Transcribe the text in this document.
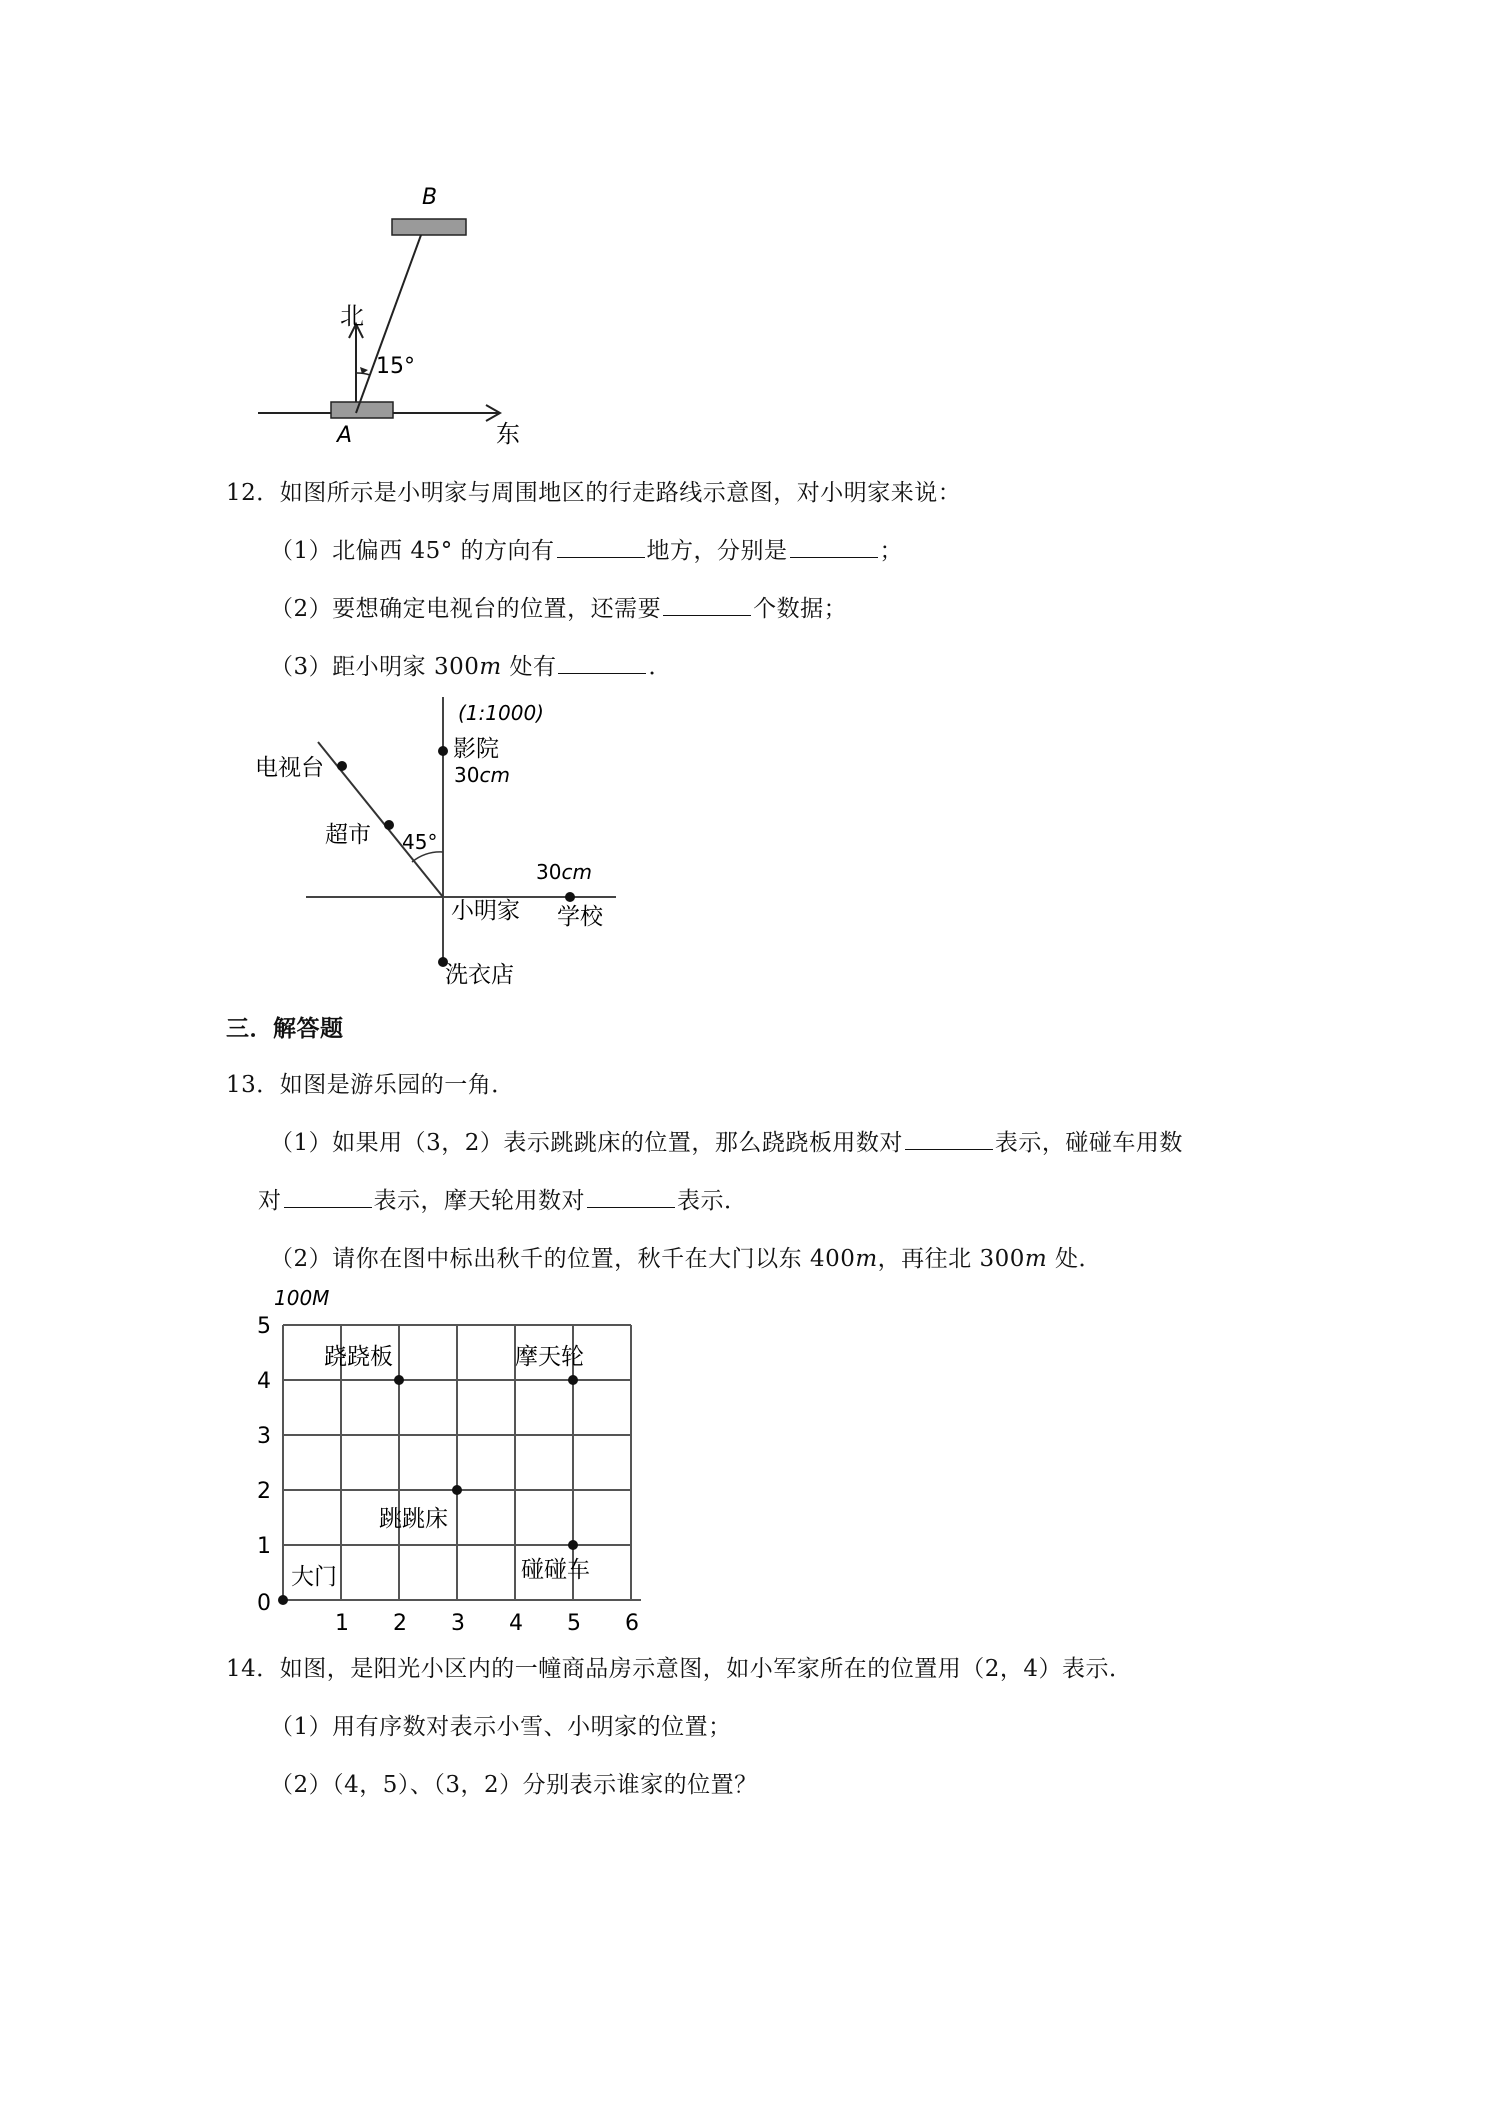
B
A
北
东
15°
12．如图所示是小明家与周围地区的行走路线示意图，对小明家来说：
（1）北偏西 45° 的方向有	地方，分别是	；
（2）要想确定电视台的位置，还需要	个数据；
（3）距小明家 300m 处有	．
(1:1000)
影院
30cm
电视台
超市 45°
30cm
小明家 学校
洗衣店
三．解答题
13．如图是游乐园的一角．
（1）如果用（3，2）表示跳跳床的位置，那么跷跷板用数对	表示，碰碰车用数
对	表示，摩天轮用数对	表示．
（2）请你在图中标出秋千的位置，秋千在大门以东 400m，再往北 300m 处．
1 2 3 4 5 6
0
1
2
3
4
5
跷跷板	摩天轮
跳跳床
碰碰车
大门
100M
14．如图，是阳光小区内的一幢商品房示意图，如小军家所在的位置用（2，4）表示．
（1）用有序数对表示小雪、小明家的位置；
（2）（4，5）、（3，2）分别表示谁家的位置？
